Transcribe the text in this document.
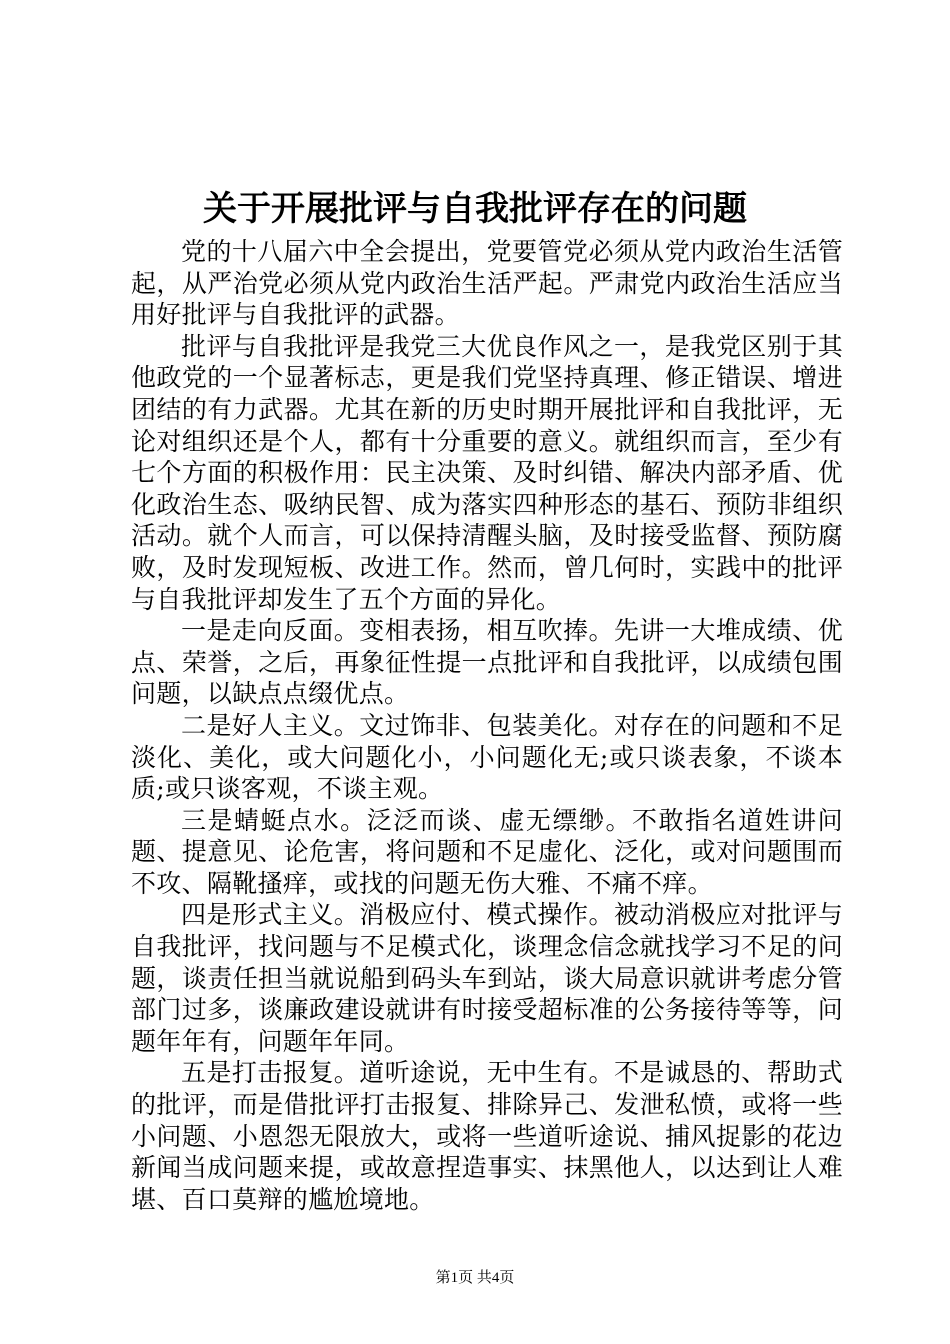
关于开展批评与自我批评存在的问题

党的十八届六中全会提出，党要管党必须从党内政治生活管起，从严治党必须从党内政治生活严起。严肃党内政治生活应当用好批评与自我批评的武器。

批评与自我批评是我党三大优良作风之一，是我党区别于其他政党的一个显著标志，更是我们党坚持真理、修正错误、增进团结的有力武器。尤其在新的历史时期开展批评和自我批评，无论对组织还是个人，都有十分重要的意义。就组织而言，至少有七个方面的积极作用：民主决策、及时纠错、解决内部矛盾、优化政治生态、吸纳民智、成为落实四种形态的基石、预防非组织活动。就个人而言，可以保持清醒头脑，及时接受监督、预防腐败，及时发现短板、改进工作。然而，曾几何时，实践中的批评与自我批评却发生了五个方面的异化。

一是走向反面。变相表扬，相互吹捧。先讲一大堆成绩、优点、荣誉，之后，再象征性提一点批评和自我批评，以成绩包围问题，以缺点点缀优点。

二是好人主义。文过饰非、包装美化。对存在的问题和不足淡化、美化，或大问题化小，小问题化无;或只谈表象，不谈本质;或只谈客观，不谈主观。

三是蜻蜓点水。泛泛而谈、虚无缥缈。不敢指名道姓讲问题、提意见、论危害，将问题和不足虚化、泛化，或对问题围而不攻、隔靴搔痒，或找的问题无伤大雅、不痛不痒。

四是形式主义。消极应付、模式操作。被动消极应对批评与自我批评，找问题与不足模式化，谈理念信念就找学习不足的问题，谈责任担当就说船到码头车到站，谈大局意识就讲考虑分管部门过多，谈廉政建设就讲有时接受超标准的公务接待等等，问题年年有，问题年年同。

五是打击报复。道听途说，无中生有。不是诚恳的、帮助式的批评，而是借批评打击报复、排除异己、发泄私愤，或将一些小问题、小恩怨无限放大，或将一些道听途说、捕风捉影的花边新闻当成问题来提，或故意捏造事实、抹黑他人，以达到让人难堪、百口莫辩的尴尬境地。

第1页 共4页
